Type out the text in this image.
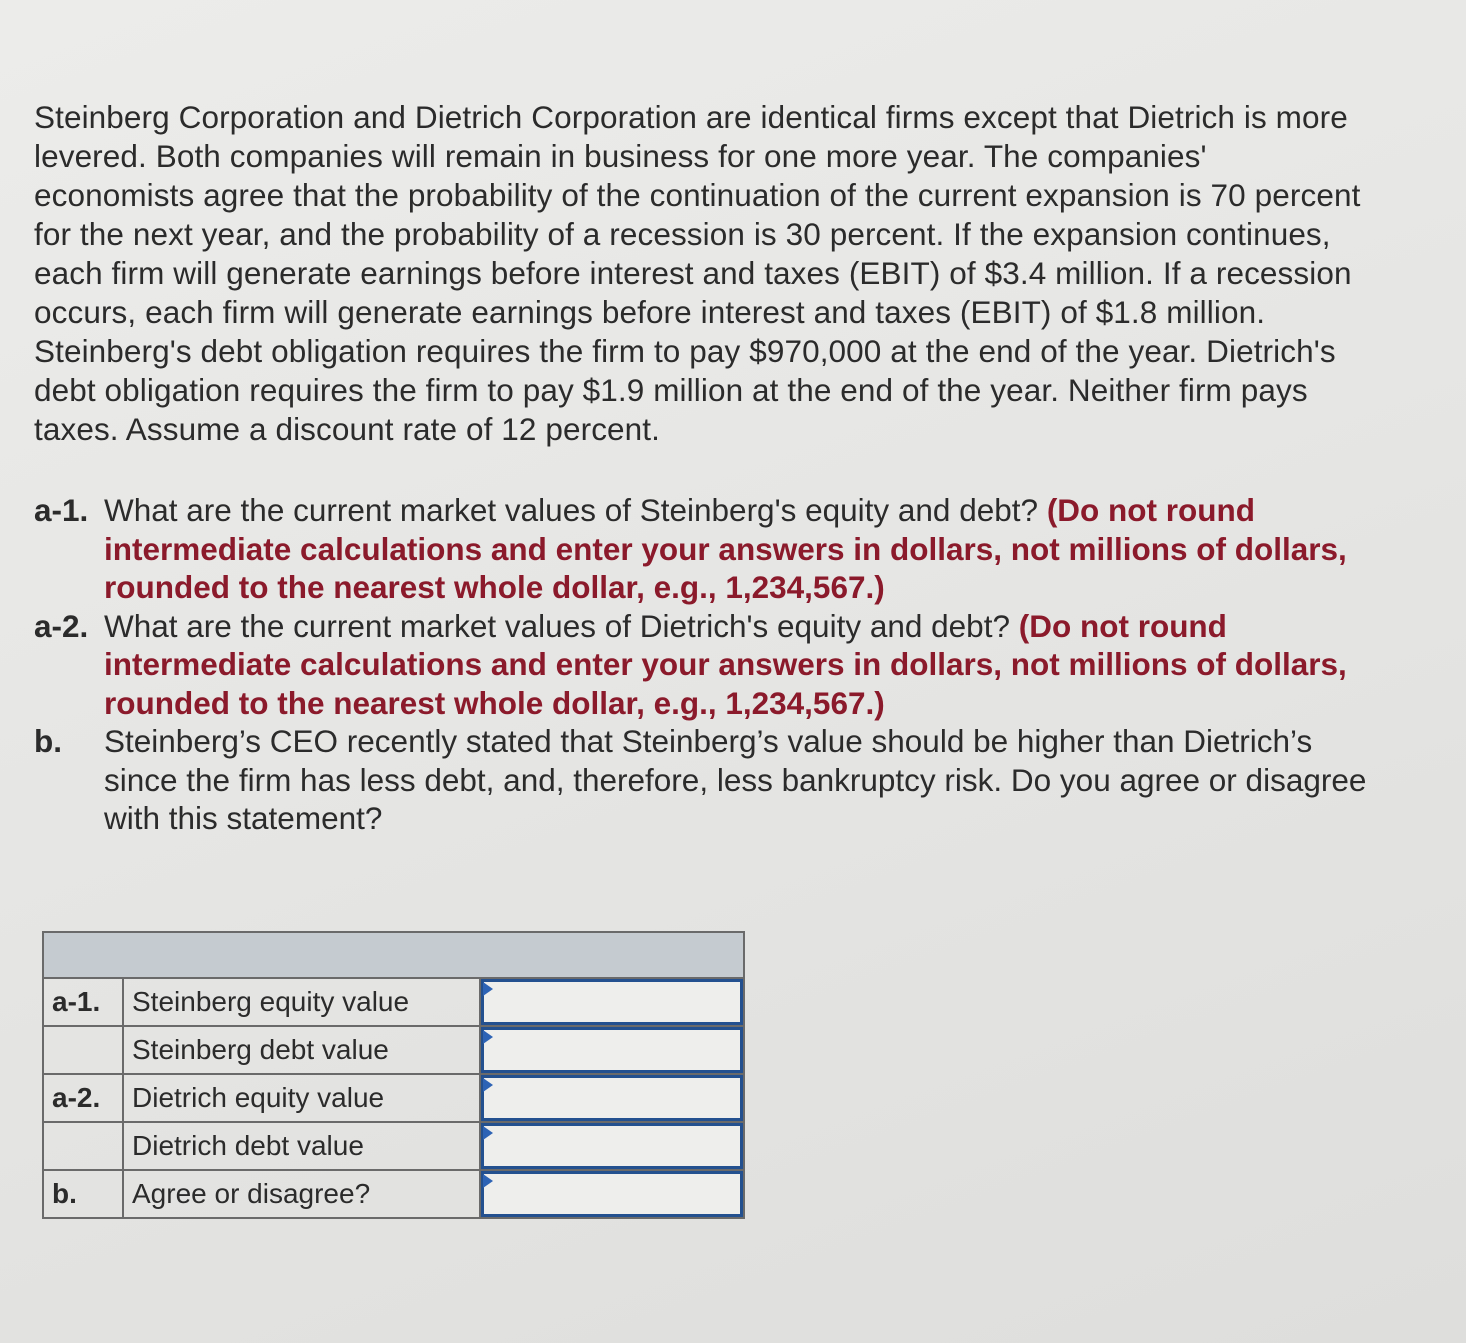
Steinberg Corporation and Dietrich Corporation are identical firms except that Dietrich is more levered. Both companies will remain in business for one more year. The companies' economists agree that the probability of the continuation of the current expansion is 70 percent for the next year, and the probability of a recession is 30 percent. If the expansion continues, each firm will generate earnings before interest and taxes (EBIT) of $3.4 million. If a recession occurs, each firm will generate earnings before interest and taxes (EBIT) of $1.8 million. Steinberg's debt obligation requires the firm to pay $970,000 at the end of the year. Dietrich's debt obligation requires the firm to pay $1.9 million at the end of the year. Neither firm pays taxes. Assume a discount rate of 12 percent.

a-1. What are the current market values of Steinberg's equity and debt? (Do not round intermediate calculations and enter your answers in dollars, not millions of dollars, rounded to the nearest whole dollar, e.g., 1,234,567.)

a-2. What are the current market values of Dietrich's equity and debt? (Do not round intermediate calculations and enter your answers in dollars, not millions of dollars, rounded to the nearest whole dollar, e.g., 1,234,567.)

b. Steinberg’s CEO recently stated that Steinberg’s value should be higher than Dietrich’s since the firm has less debt, and, therefore, less bankruptcy risk. Do you agree or disagree with this statement?

a-1.	Steinberg equity value	

	Steinberg debt value	

a-2.	Dietrich equity value	

	Dietrich debt value	

b.	Agree or disagree?	
